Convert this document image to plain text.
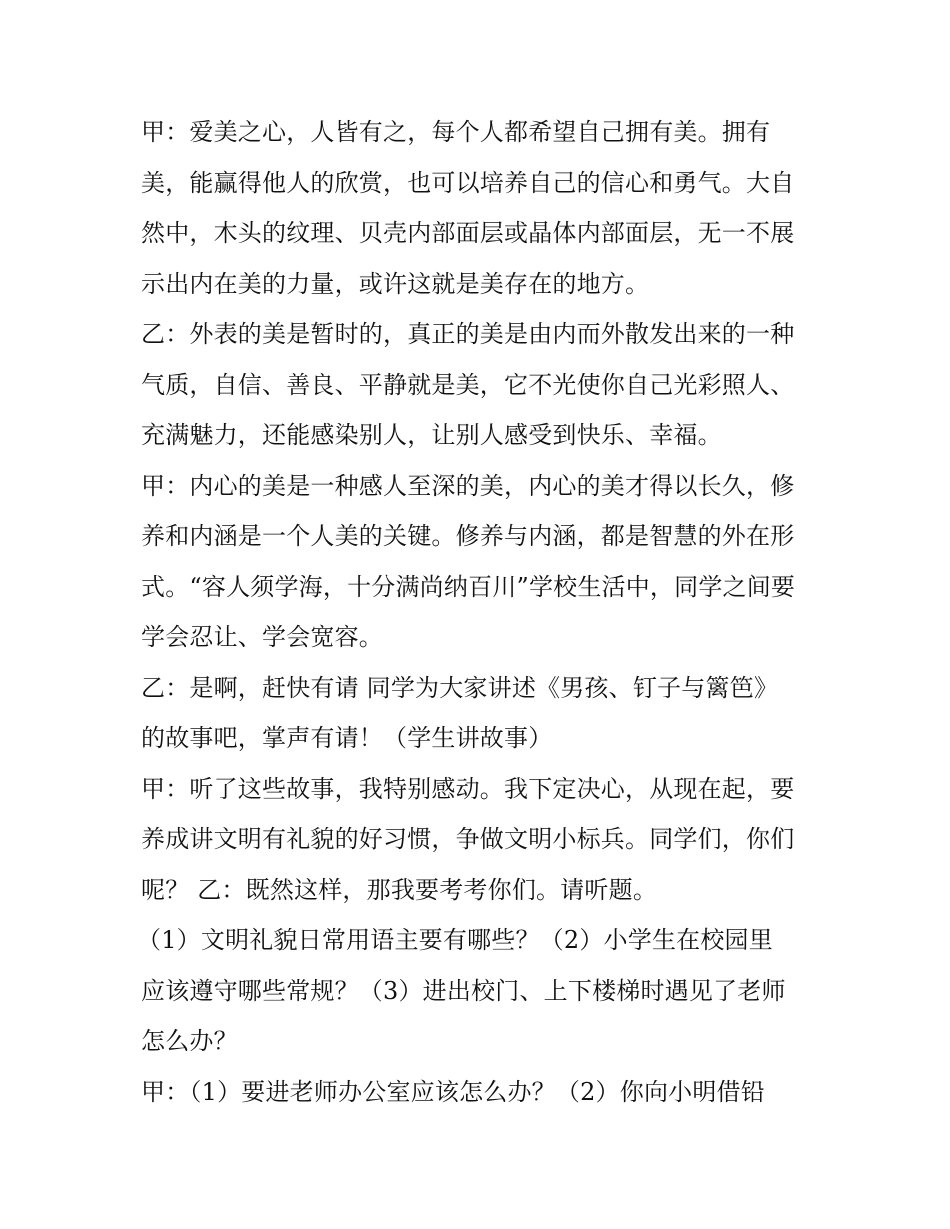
甲：爱美之心，人皆有之，每个人都希望自己拥有美。拥有
美，能赢得他人的欣赏，也可以培养自己的信心和勇气。大自
然中，木头的纹理、贝壳内部面层或晶体内部面层，无一不展
示出内在美的力量，或许这就是美存在的地方。
乙：外表的美是暂时的，真正的美是由内而外散发出来的一种
气质，自信、善良、平静就是美，它不光使你自己光彩照人、
充满魅力，还能感染别人，让别人感受到快乐、幸福。
甲：内心的美是一种感人至深的美，内心的美才得以长久，修
养和内涵是一个人美的关键。修养与内涵，都是智慧的外在形
式。“容人须学海，十分满尚纳百川”学校生活中，同学之间要
学会忍让、学会宽容。
乙：是啊，赶快有请 同学为大家讲述《男孩、钉子与篱笆》
的故事吧，掌声有请！（学生讲故事）
甲：听了这些故事，我特别感动。我下定决心，从现在起，要
养成讲文明有礼貌的好习惯，争做文明小标兵。同学们，你们
呢？ 乙：既然这样，那我要考考你们。请听题。
（1）文明礼貌日常用语主要有哪些？（2）小学生在校园里
应该遵守哪些常规？（3）进出校门、上下楼梯时遇见了老师
怎么办？
甲：（1）要进老师办公室应该怎么办？（2）你向小明借铅
